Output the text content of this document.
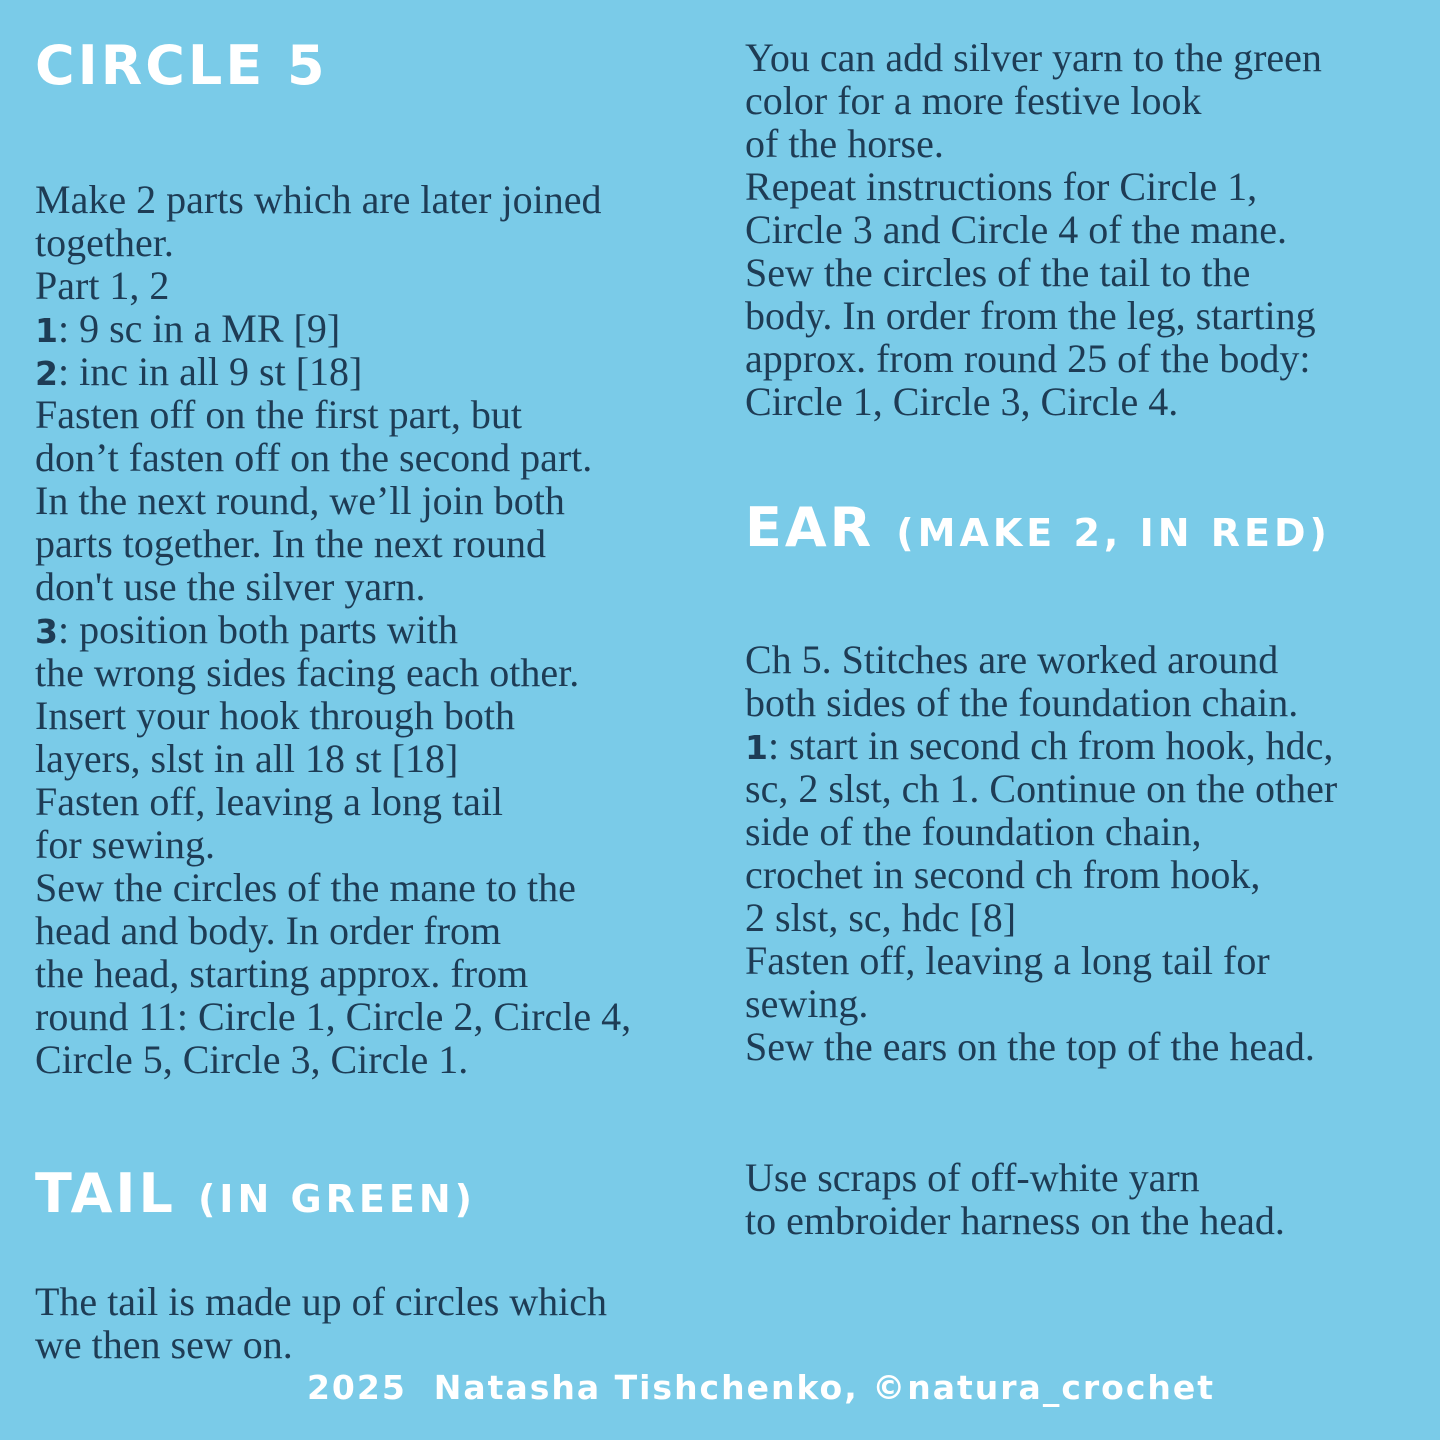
CIRCLE 5
Make 2 parts which are later joined
together.
Part 1, 2
1: 9 sc in a MR [9]
2: inc in all 9 st [18]
Fasten off on the first part, but
don’t fasten off on the second part.
In the next round, we’ll join both
parts together. In the next round
don't use the silver yarn.
3: position both parts with
the wrong sides facing each other.
Insert your hook through both
layers, slst in all 18 st [18]
Fasten off, leaving a long tail
for sewing.
Sew the circles of the mane to the
head and body. In order from
the head, starting approx. from
round 11: Circle 1, Circle 2, Circle 4,
Circle 5, Circle 3, Circle 1.
TAIL (IN GREEN)
The tail is made up of circles which
we then sew on.
You can add silver yarn to the green
color for a more festive look
of the horse.
Repeat instructions for Circle 1,
Circle 3 and Circle 4 of the mane.
Sew the circles of the tail to the
body. In order from the leg, starting
approx. from round 25 of the body:
Circle 1, Circle 3, Circle 4.
EAR (MAKE 2, IN RED)
Ch 5. Stitches are worked around
both sides of the foundation chain.
1: start in second ch from hook, hdc,
sc, 2 slst, ch 1. Continue on the other
side of the foundation chain,
crochet in second ch from hook,
2 slst, sc, hdc [8]
Fasten off, leaving a long tail for
sewing.
Sew the ears on the top of the head.
Use scraps of off-white yarn
to embroider harness on the head.
2025  Natasha Tishchenko, ©natura_crochet
